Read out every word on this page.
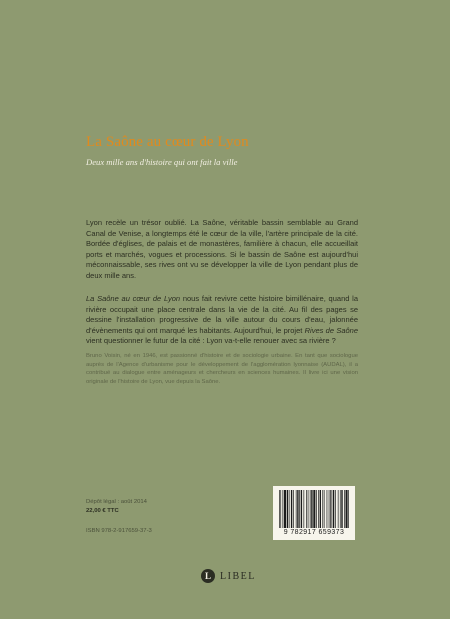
La Saône au cœur de Lyon
Deux mille ans d'histoire qui ont fait la ville
Lyon recèle un trésor oublié. La Saône, véritable bassin semblable au Grand Canal de Venise, a longtemps été le cœur de la ville, l'artère principale de la cité. Bordée d'églises, de palais et de monastères, familière à chacun, elle accueillait ports et marchés, vogues et processions. Si le bassin de Saône est aujourd'hui méconnaissable, ses rives ont vu se développer la ville de Lyon pendant plus de deux mille ans.
La Saône au cœur de Lyon nous fait revivre cette histoire bimillénaire, quand la rivière occupait une place centrale dans la vie de la cité. Au fil des pages se dessine l'installation progressive de la ville autour du cours d'eau, jalonnée d'évènements qui ont marqué les habitants. Aujourd'hui, le projet Rives de Saône vient questionner le futur de la cité : Lyon va-t-elle renouer avec sa rivière ?
Bruno Voisin, né en 1946, est passionné d'histoire et de sociologie urbaine. En tant que sociologue auprès de l'Agence d'urbanisme pour le développement de l'agglomération lyonnaise (AUDAL), il a contribué au dialogue entre aménageurs et chercheurs en sciences humaines. Il livre ici une vision originale de l'histoire de Lyon, vue depuis la Saône.
Dépôt légal : août 2014
22,00 € TTC
ISBN 978-2-917659-37-3	9 782917 659373
L LIBEL
